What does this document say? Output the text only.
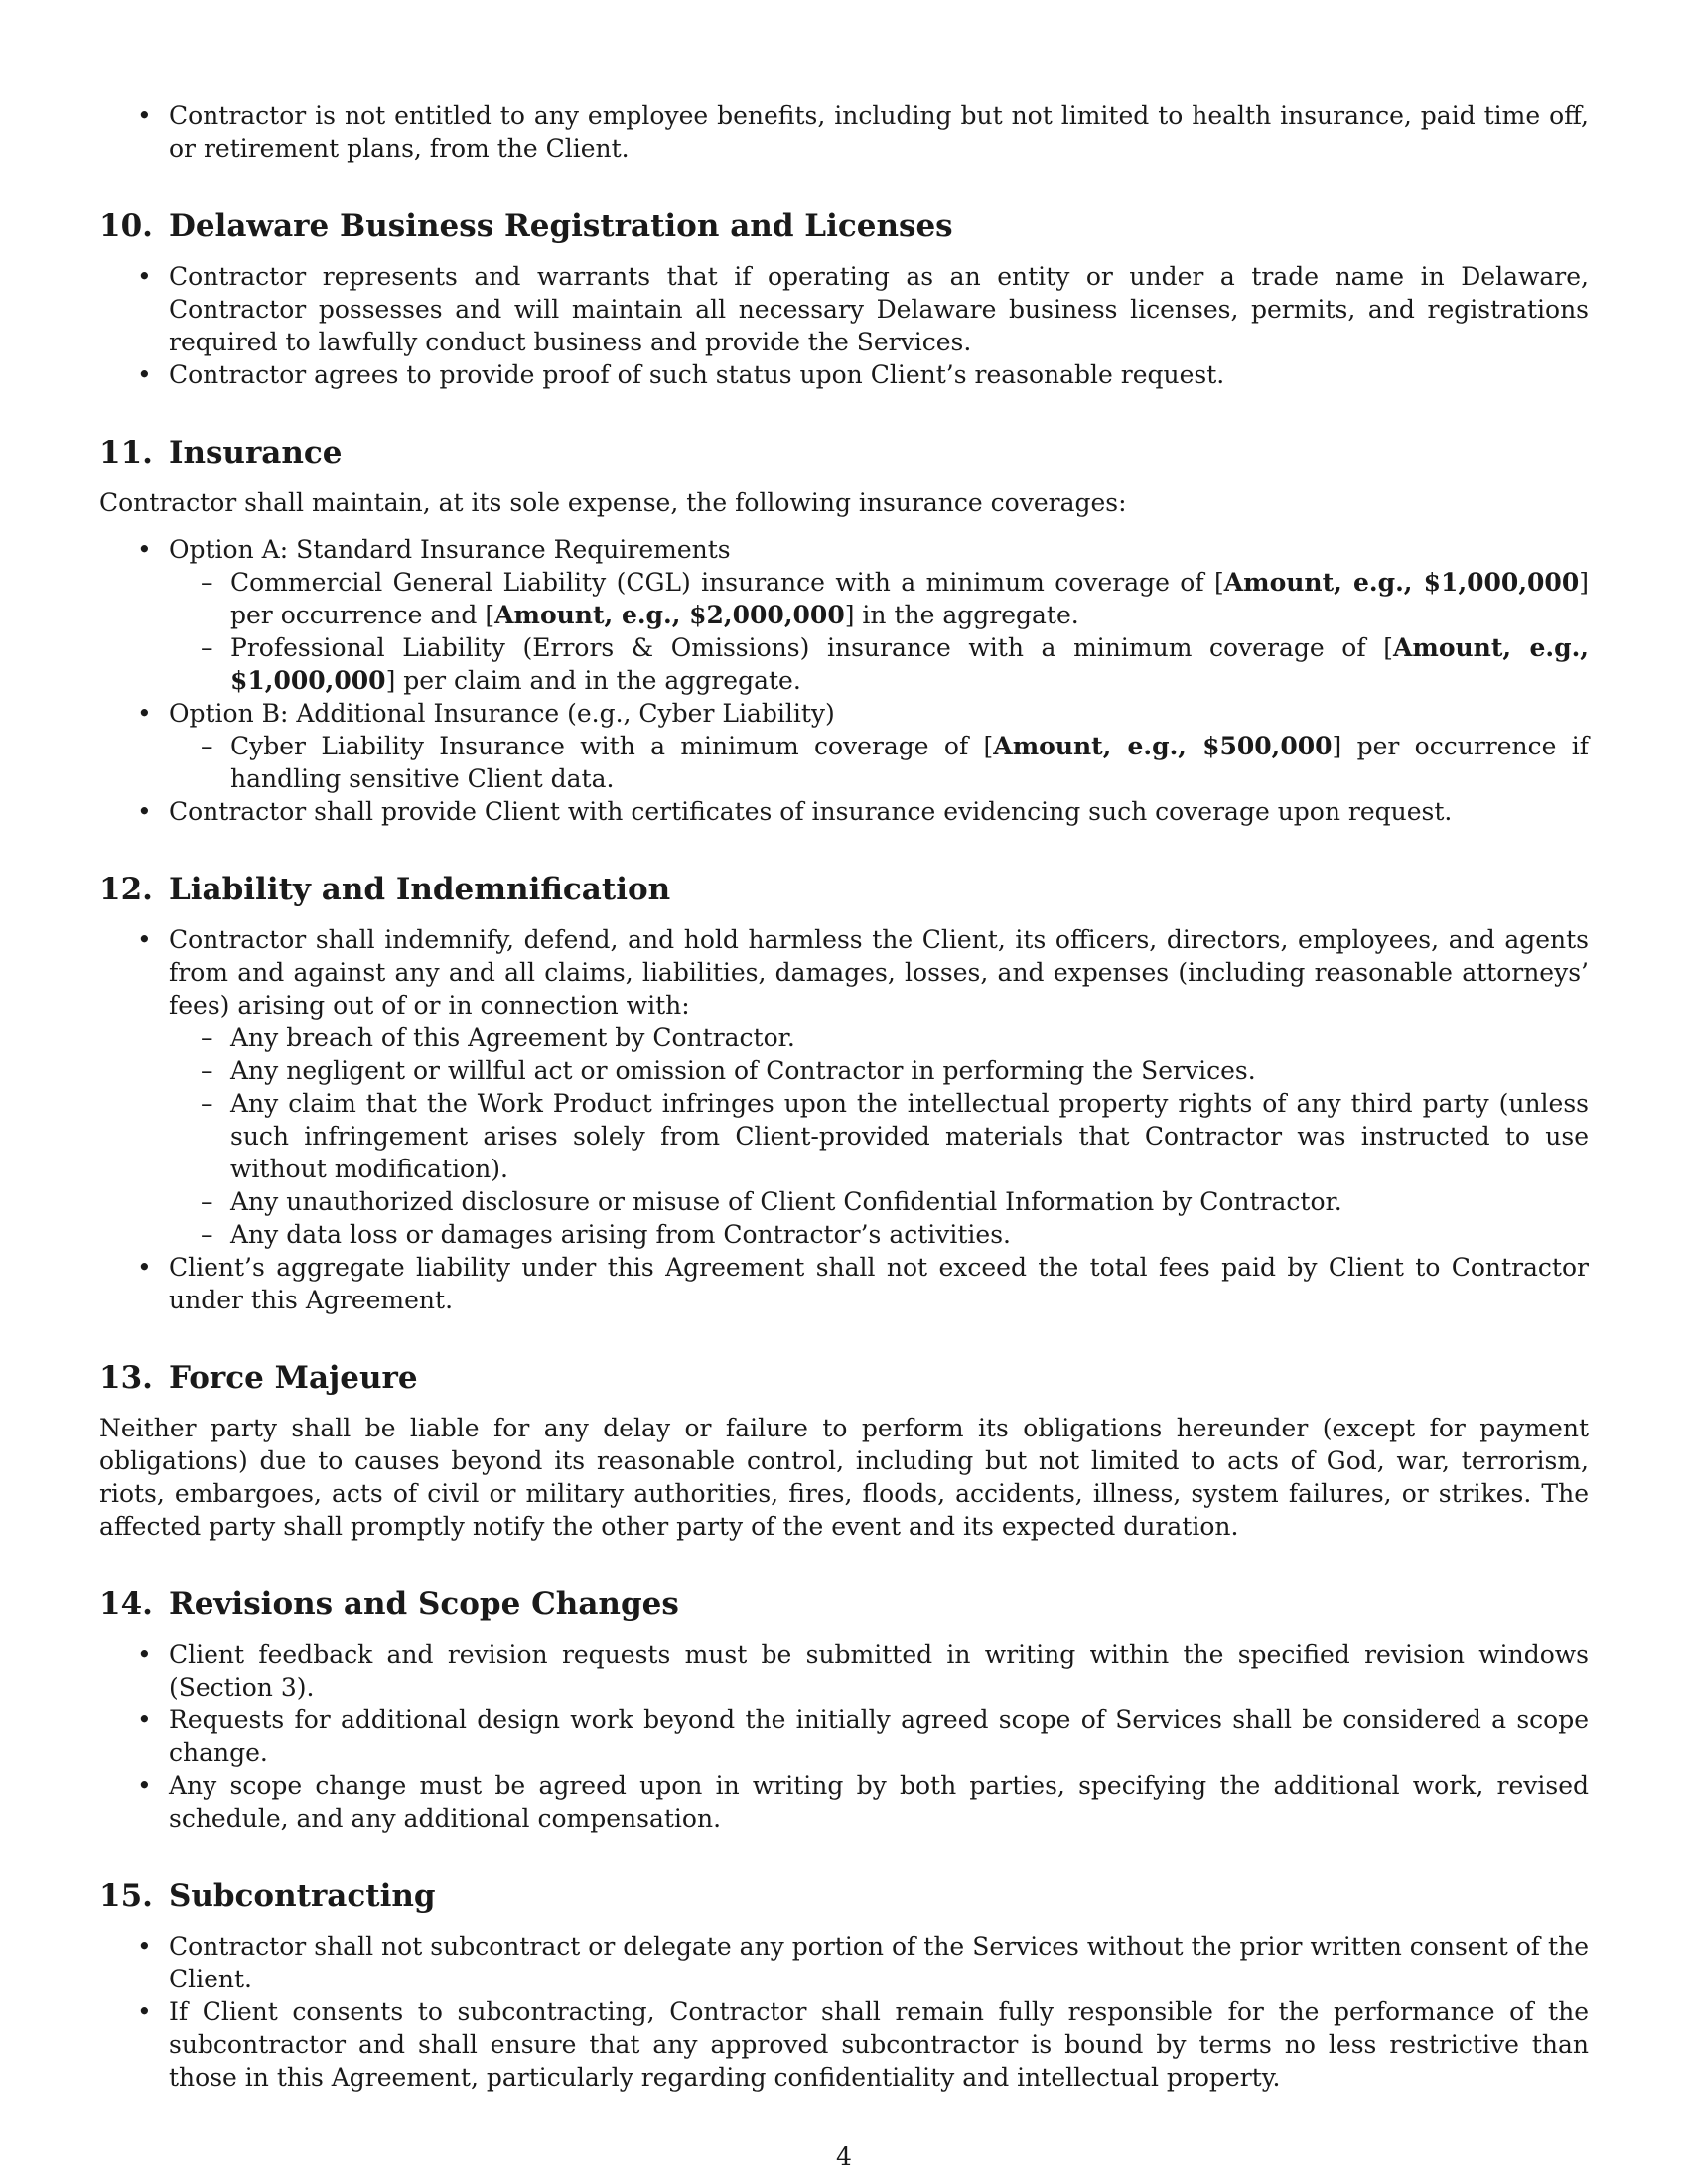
• Contractor is not entitled to any employee benefits, including but not limited to health insurance, paid time off, or retirement plans, from the Client.
10. Delaware Business Registration and Licenses
• Contractor represents and warrants that if operating as an entity or under a trade name in Delaware, Contractor possesses and will maintain all necessary Delaware business licenses, permits, and registrations required to lawfully conduct business and provide the Services.
• Contractor agrees to provide proof of such status upon Client’s reasonable request.
11. Insurance

Contractor shall maintain, at its sole expense, the following insurance coverages:

• Option A: Standard Insurance Requirements
– Commercial General Liability (CGL) insurance with a minimum coverage of [Amount, e.g., $1,000,000] per occurrence and [Amount, e.g., $2,000,000] in the aggregate.
– Professional Liability (Errors & Omissions) insurance with a minimum coverage of [Amount, e.g., $1,000,000] per claim and in the aggregate.
• Option B: Additional Insurance (e.g., Cyber Liability)
– Cyber Liability Insurance with a minimum coverage of [Amount, e.g., $500,000] per occurrence if handling sensitive Client data.
• Contractor shall provide Client with certificates of insurance evidencing such coverage upon request.
12. Liability and Indemnification
• Contractor shall indemnify, defend, and hold harmless the Client, its officers, directors, employees, and agents from and against any and all claims, liabilities, damages, losses, and expenses (including reasonable attorneys’ fees) arising out of or in connection with:
– Any breach of this Agreement by Contractor.
– Any negligent or willful act or omission of Contractor in performing the Services.
– Any claim that the Work Product infringes upon the intellectual property rights of any third party (unless such infringement arises solely from Client-provided materials that Contractor was instructed to use without modification).
– Any unauthorized disclosure or misuse of Client Confidential Information by Contractor.
– Any data loss or damages arising from Contractor’s activities.
• Client’s aggregate liability under this Agreement shall not exceed the total fees paid by Client to Contractor under this Agreement.
13. Force Majeure

Neither party shall be liable for any delay or failure to perform its obligations hereunder (except for payment obligations) due to causes beyond its reasonable control, including but not limited to acts of God, war, terrorism, riots, embargoes, acts of civil or military authorities, fires, floods, accidents, illness, system failures, or strikes. The affected party shall promptly notify the other party of the event and its expected duration.

14. Revisions and Scope Changes
• Client feedback and revision requests must be submitted in writing within the specified revision windows (Section 3).
• Requests for additional design work beyond the initially agreed scope of Services shall be considered a scope change.
• Any scope change must be agreed upon in writing by both parties, specifying the additional work, revised schedule, and any additional compensation.
15. Subcontracting
• Contractor shall not subcontract or delegate any portion of the Services without the prior written consent of the Client.
• If Client consents to subcontracting, Contractor shall remain fully responsible for the performance of the subcontractor and shall ensure that any approved subcontractor is bound by terms no less restrictive than those in this Agreement, particularly regarding confidentiality and intellectual property.
4
